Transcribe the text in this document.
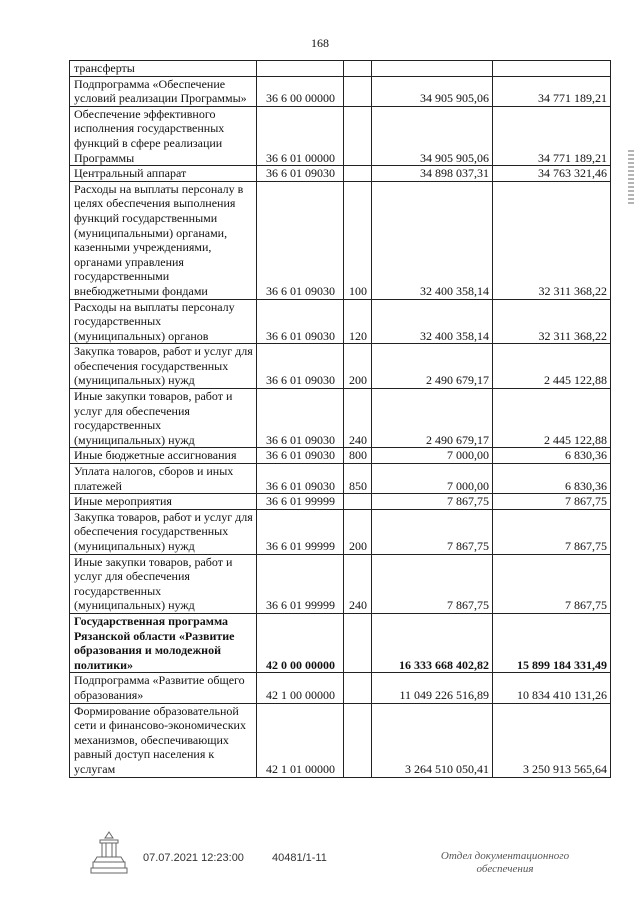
168
трансферты				
Подпрограмма «Обеспечение условий реализации Программы»	36 6 00 00000		34 905 905,06	34 771 189,21
Обеспечение эффективного исполнения государственных функций в сфере реализации Программы	36 6 01 00000		34 905 905,06	34 771 189,21
Центральный аппарат	36 6 01 09030		34 898 037,31	34 763 321,46
Расходы на выплаты персоналу в целях обеспечения выполнения функций государственными (муниципальными) органами, казенными учреждениями, органами управления государственными внебюджетными фондами	36 6 01 09030	100	32 400 358,14	32 311 368,22
Расходы на выплаты персоналу государственных (муниципальных) органов	36 6 01 09030	120	32 400 358,14	32 311 368,22
Закупка товаров, работ и услуг для обеспечения государственных (муниципальных) нужд	36 6 01 09030	200	2 490 679,17	2 445 122,88
Иные закупки товаров, работ и услуг для обеспечения государственных (муниципальных) нужд	36 6 01 09030	240	2 490 679,17	2 445 122,88
Иные бюджетные ассигнования	36 6 01 09030	800	7 000,00	6 830,36
Уплата налогов, сборов и иных платежей	36 6 01 09030	850	7 000,00	6 830,36
Иные мероприятия	36 6 01 99999		7 867,75	7 867,75
Закупка товаров, работ и услуг для обеспечения государственных (муниципальных) нужд	36 6 01 99999	200	7 867,75	7 867,75
Иные закупки товаров, работ и услуг для обеспечения государственных (муниципальных) нужд	36 6 01 99999	240	7 867,75	7 867,75
Государственная программа Рязанской области «Развитие образования и молодежной политики»	42 0 00 00000		16 333 668 402,82	15 899 184 331,49
Подпрограмма «Развитие общего образования»	42 1 00 00000		11 049 226 516,89	10 834 410 131,26
Формирование образовательной сети и финансово-экономических механизмов, обеспечивающих равный доступ населения к услугам	42 1 01 00000		3 264 510 050,41	3 250 913 565,64
07.07.2021 12:23:00	40481/1-11	Отдел документационного обеспечения
